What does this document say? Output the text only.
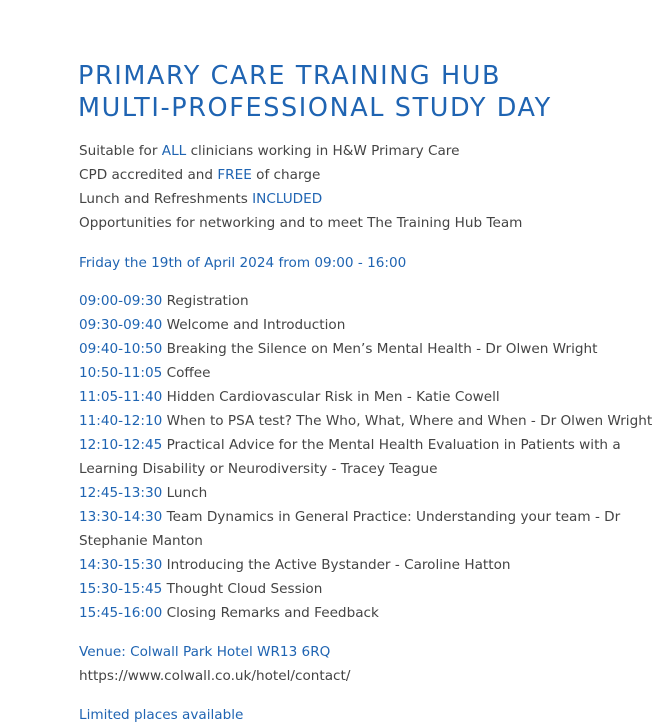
PRIMARY CARE TRAINING HUB
MULTI-PROFESSIONAL STUDY DAY
Suitable for ALL clinicians working in H&W Primary Care
CPD accredited and FREE of charge
Lunch and Refreshments INCLUDED
Opportunities for networking and to meet The Training Hub Team
Friday the 19th of April 2024 from 09:00 - 16:00
09:00-09:30 Registration
09:30-09:40 Welcome and Introduction
09:40-10:50 Breaking the Silence on Men’s Mental Health - Dr Olwen Wright
10:50-11:05 Coffee
11:05-11:40 Hidden Cardiovascular Risk in Men - Katie Cowell
11:40-12:10 When to PSA test? The Who, What, Where and When - Dr Olwen Wright
12:10-12:45 Practical Advice for the Mental Health Evaluation in Patients with a Learning Disability or Neurodiversity - Tracey Teague
12:45-13:30 Lunch
13:30-14:30 Team Dynamics in General Practice: Understanding your team - Dr Stephanie Manton
14:30-15:30 Introducing the Active Bystander - Caroline Hatton
15:30-15:45 Thought Cloud Session
15:45-16:00 Closing Remarks and Feedback
Venue: Colwall Park Hotel WR13 6RQ
https://www.colwall.co.uk/hotel/contact/
Limited places available
